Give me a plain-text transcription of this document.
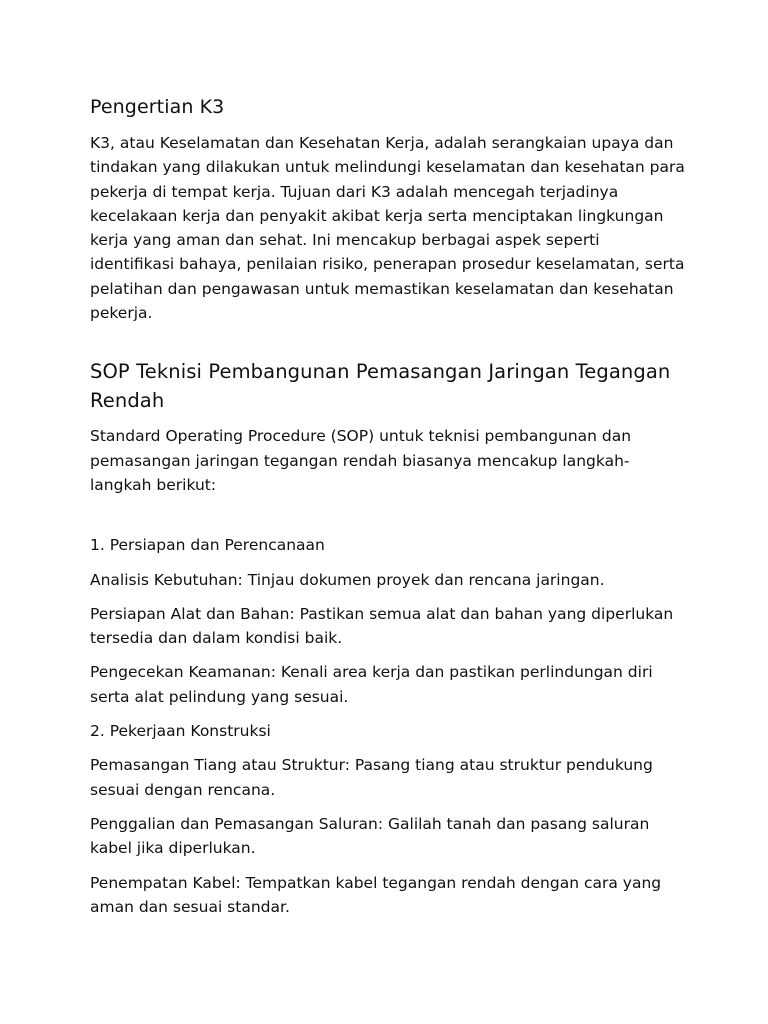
Pengertian K3
K3, atau Keselamatan dan Kesehatan Kerja, adalah serangkaian upaya dan tindakan yang dilakukan untuk melindungi keselamatan dan kesehatan para pekerja di tempat kerja. Tujuan dari K3 adalah mencegah terjadinya kecelakaan kerja dan penyakit akibat kerja serta menciptakan lingkungan kerja yang aman dan sehat. Ini mencakup berbagai aspek seperti identifikasi bahaya, penilaian risiko, penerapan prosedur keselamatan, serta pelatihan dan pengawasan untuk memastikan keselamatan dan kesehatan pekerja.
SOP Teknisi Pembangunan Pemasangan Jaringan Tegangan Rendah
Standard Operating Procedure (SOP) untuk teknisi pembangunan dan pemasangan jaringan tegangan rendah biasanya mencakup langkah-langkah berikut:
1. Persiapan dan Perencanaan
Analisis Kebutuhan: Tinjau dokumen proyek dan rencana jaringan.
Persiapan Alat dan Bahan: Pastikan semua alat dan bahan yang diperlukan tersedia dan dalam kondisi baik.
Pengecekan Keamanan: Kenali area kerja dan pastikan perlindungan diri serta alat pelindung yang sesuai.
2. Pekerjaan Konstruksi
Pemasangan Tiang atau Struktur: Pasang tiang atau struktur pendukung sesuai dengan rencana.
Penggalian dan Pemasangan Saluran: Galilah tanah dan pasang saluran kabel jika diperlukan.
Penempatan Kabel: Tempatkan kabel tegangan rendah dengan cara yang aman dan sesuai standar.
